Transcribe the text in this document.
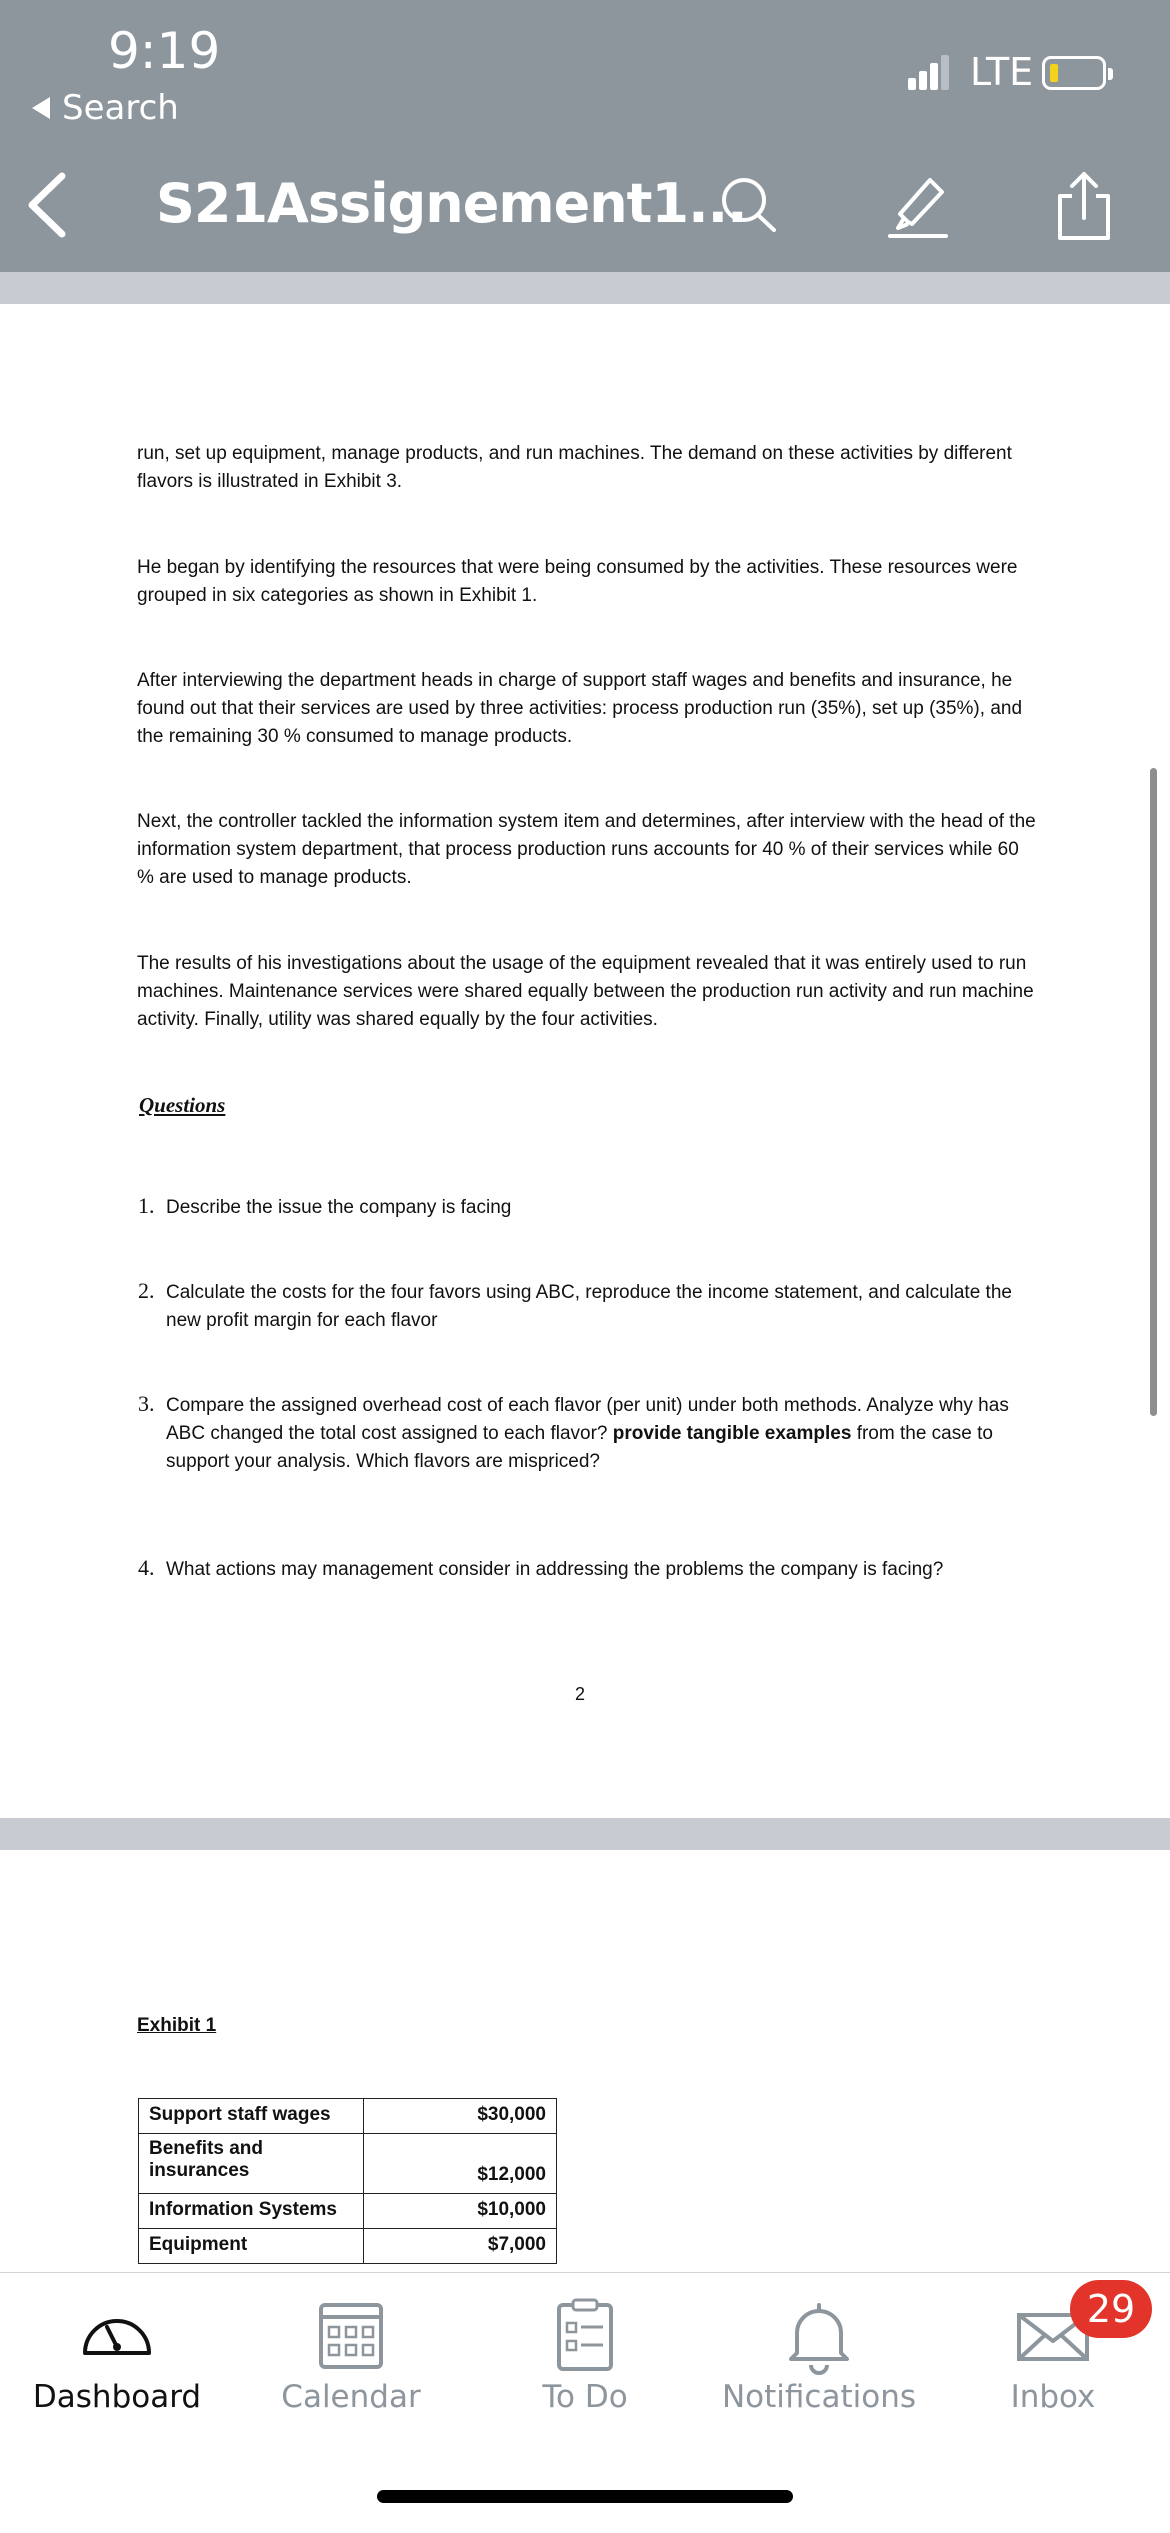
9:19
Search
LTE
S21Assignement1...

run, set up equipment, manage products, and run machines. The demand on these activities by different flavors is illustrated in Exhibit 3.

He began by identifying the resources that were being consumed by the activities. These resources were grouped in six categories as shown in Exhibit 1.

After interviewing the department heads in charge of support staff wages and benefits and insurance, he found out that their services are used by three activities: process production run (35%), set up (35%), and the remaining 30 % consumed to manage products.

Next, the controller tackled the information system item and determines, after interview with the head of the information system department, that process production runs accounts for 40 % of their services while 60 % are used to manage products.

The results of his investigations about the usage of the equipment revealed that it was entirely used to run machines. Maintenance services were shared equally between the production run activity and run machine activity. Finally, utility was shared equally by the four activities.

Questions
1. Describe the issue the company is facing

2. Calculate the costs for the four favors using ABC, reproduce the income statement, and calculate the new profit margin for each flavor

3. Compare the assigned overhead cost of each flavor (per unit) under both methods. Analyze why has ABC changed the total cost assigned to each flavor? provide tangible examples from the case to support your analysis. Which flavors are mispriced?

4. What actions may management consider in addressing the problems the company is facing?

2
Exhibit 1
Support staff wages	$30,000
Benefits and insurances	$12,000
Information Systems	$10,000
Equipment	$7,000
Dashboard	Calendar	To Do	Notifications	Inbox
29
